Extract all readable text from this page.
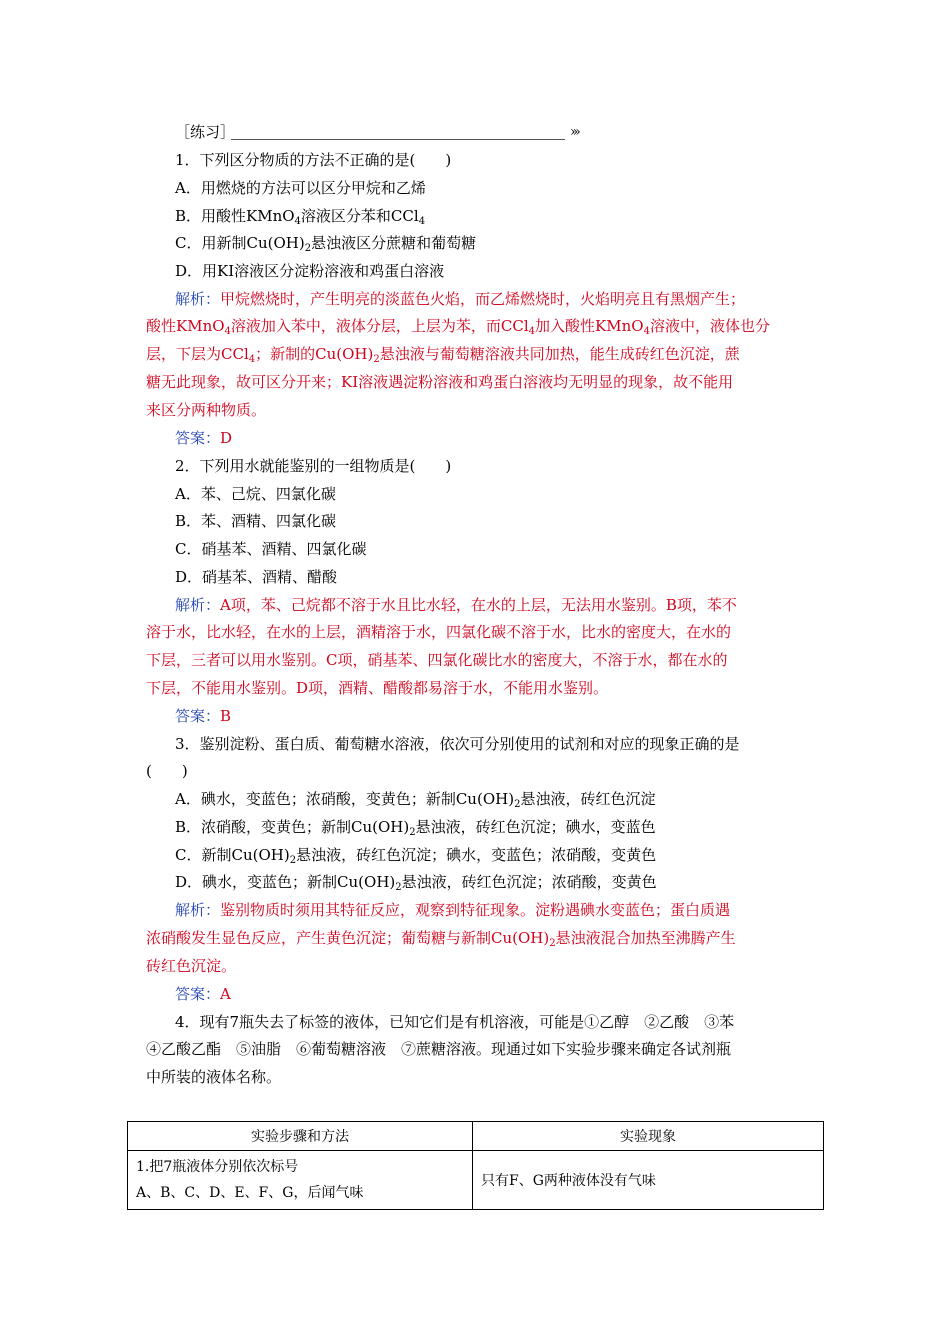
［练习］	›››
1．下列区分物质的方法不正确的是(　　)
A．用燃烧的方法可以区分甲烷和乙烯
B．用酸性KMnO$_4$溶液区分苯和CCl$_4$
C．用新制$Cu(OH)_2$悬浊液区分蔗糖和葡萄糖
D．用KI溶液区分淀粉溶液和鸡蛋白溶液
解析：甲烷燃烧时，产生明亮的淡蓝色火焰，而乙烯燃烧时，火焰明亮且有黑烟产生；
酸性KMnO$_4$溶液加入苯中，液体分层，上层为苯，而CCl$_4$加入酸性KMnO$_4$溶液中，液体也分
层，下层为CCl$_4$；新制的$Cu(OH)_2$悬浊液与葡萄糖溶液共同加热，能生成砖红色沉淀，蔗
糖无此现象，故可区分开来；KI溶液遇淀粉溶液和鸡蛋白溶液均无明显的现象，故不能用
来区分两种物质。
答案：D
2．下列用水就能鉴别的一组物质是(　　)
A．苯、己烷、四氯化碳
B．苯、酒精、四氯化碳
C．硝基苯、酒精、四氯化碳
D．硝基苯、酒精、醋酸
解析：A项，苯、己烷都不溶于水且比水轻，在水的上层，无法用水鉴别。B项，苯不
溶于水，比水轻，在水的上层，酒精溶于水，四氯化碳不溶于水，比水的密度大，在水的
下层，三者可以用水鉴别。C项，硝基苯、四氯化碳比水的密度大，不溶于水，都在水的
下层，不能用水鉴别。D项，酒精、醋酸都易溶于水，不能用水鉴别。
答案：B
3．鉴别淀粉、蛋白质、葡萄糖水溶液，依次可分别使用的试剂和对应的现象正确的是
(　　)
A．碘水，变蓝色；浓硝酸，变黄色；新制$Cu(OH)_2$悬浊液，砖红色沉淀
B．浓硝酸，变黄色；新制$Cu(OH)_2$悬浊液，砖红色沉淀；碘水，变蓝色
C．新制$Cu(OH)_2$悬浊液，砖红色沉淀；碘水，变蓝色；浓硝酸，变黄色
D．碘水，变蓝色；新制$Cu(OH)_2$悬浊液，砖红色沉淀；浓硝酸，变黄色
解析：鉴别物质时须用其特征反应，观察到特征现象。淀粉遇碘水变蓝色；蛋白质遇
浓硝酸发生显色反应，产生黄色沉淀；葡萄糖与新制$Cu(OH)_2$悬浊液混合加热至沸腾产生
砖红色沉淀。
答案：A
4．现有7瓶失去了标签的液体，已知它们是有机溶液，可能是①乙醇　②乙酸　③苯
④乙酸乙酯　⑤油脂　⑥葡萄糖溶液　⑦蔗糖溶液。现通过如下实验步骤来确定各试剂瓶
中所装的液体名称。
实验步骤和方法	实验现象

1.把7瓶液体分别依次标号
A、B、C、D、E、F、G，后闻气味	只有F、G两种液体没有气味
